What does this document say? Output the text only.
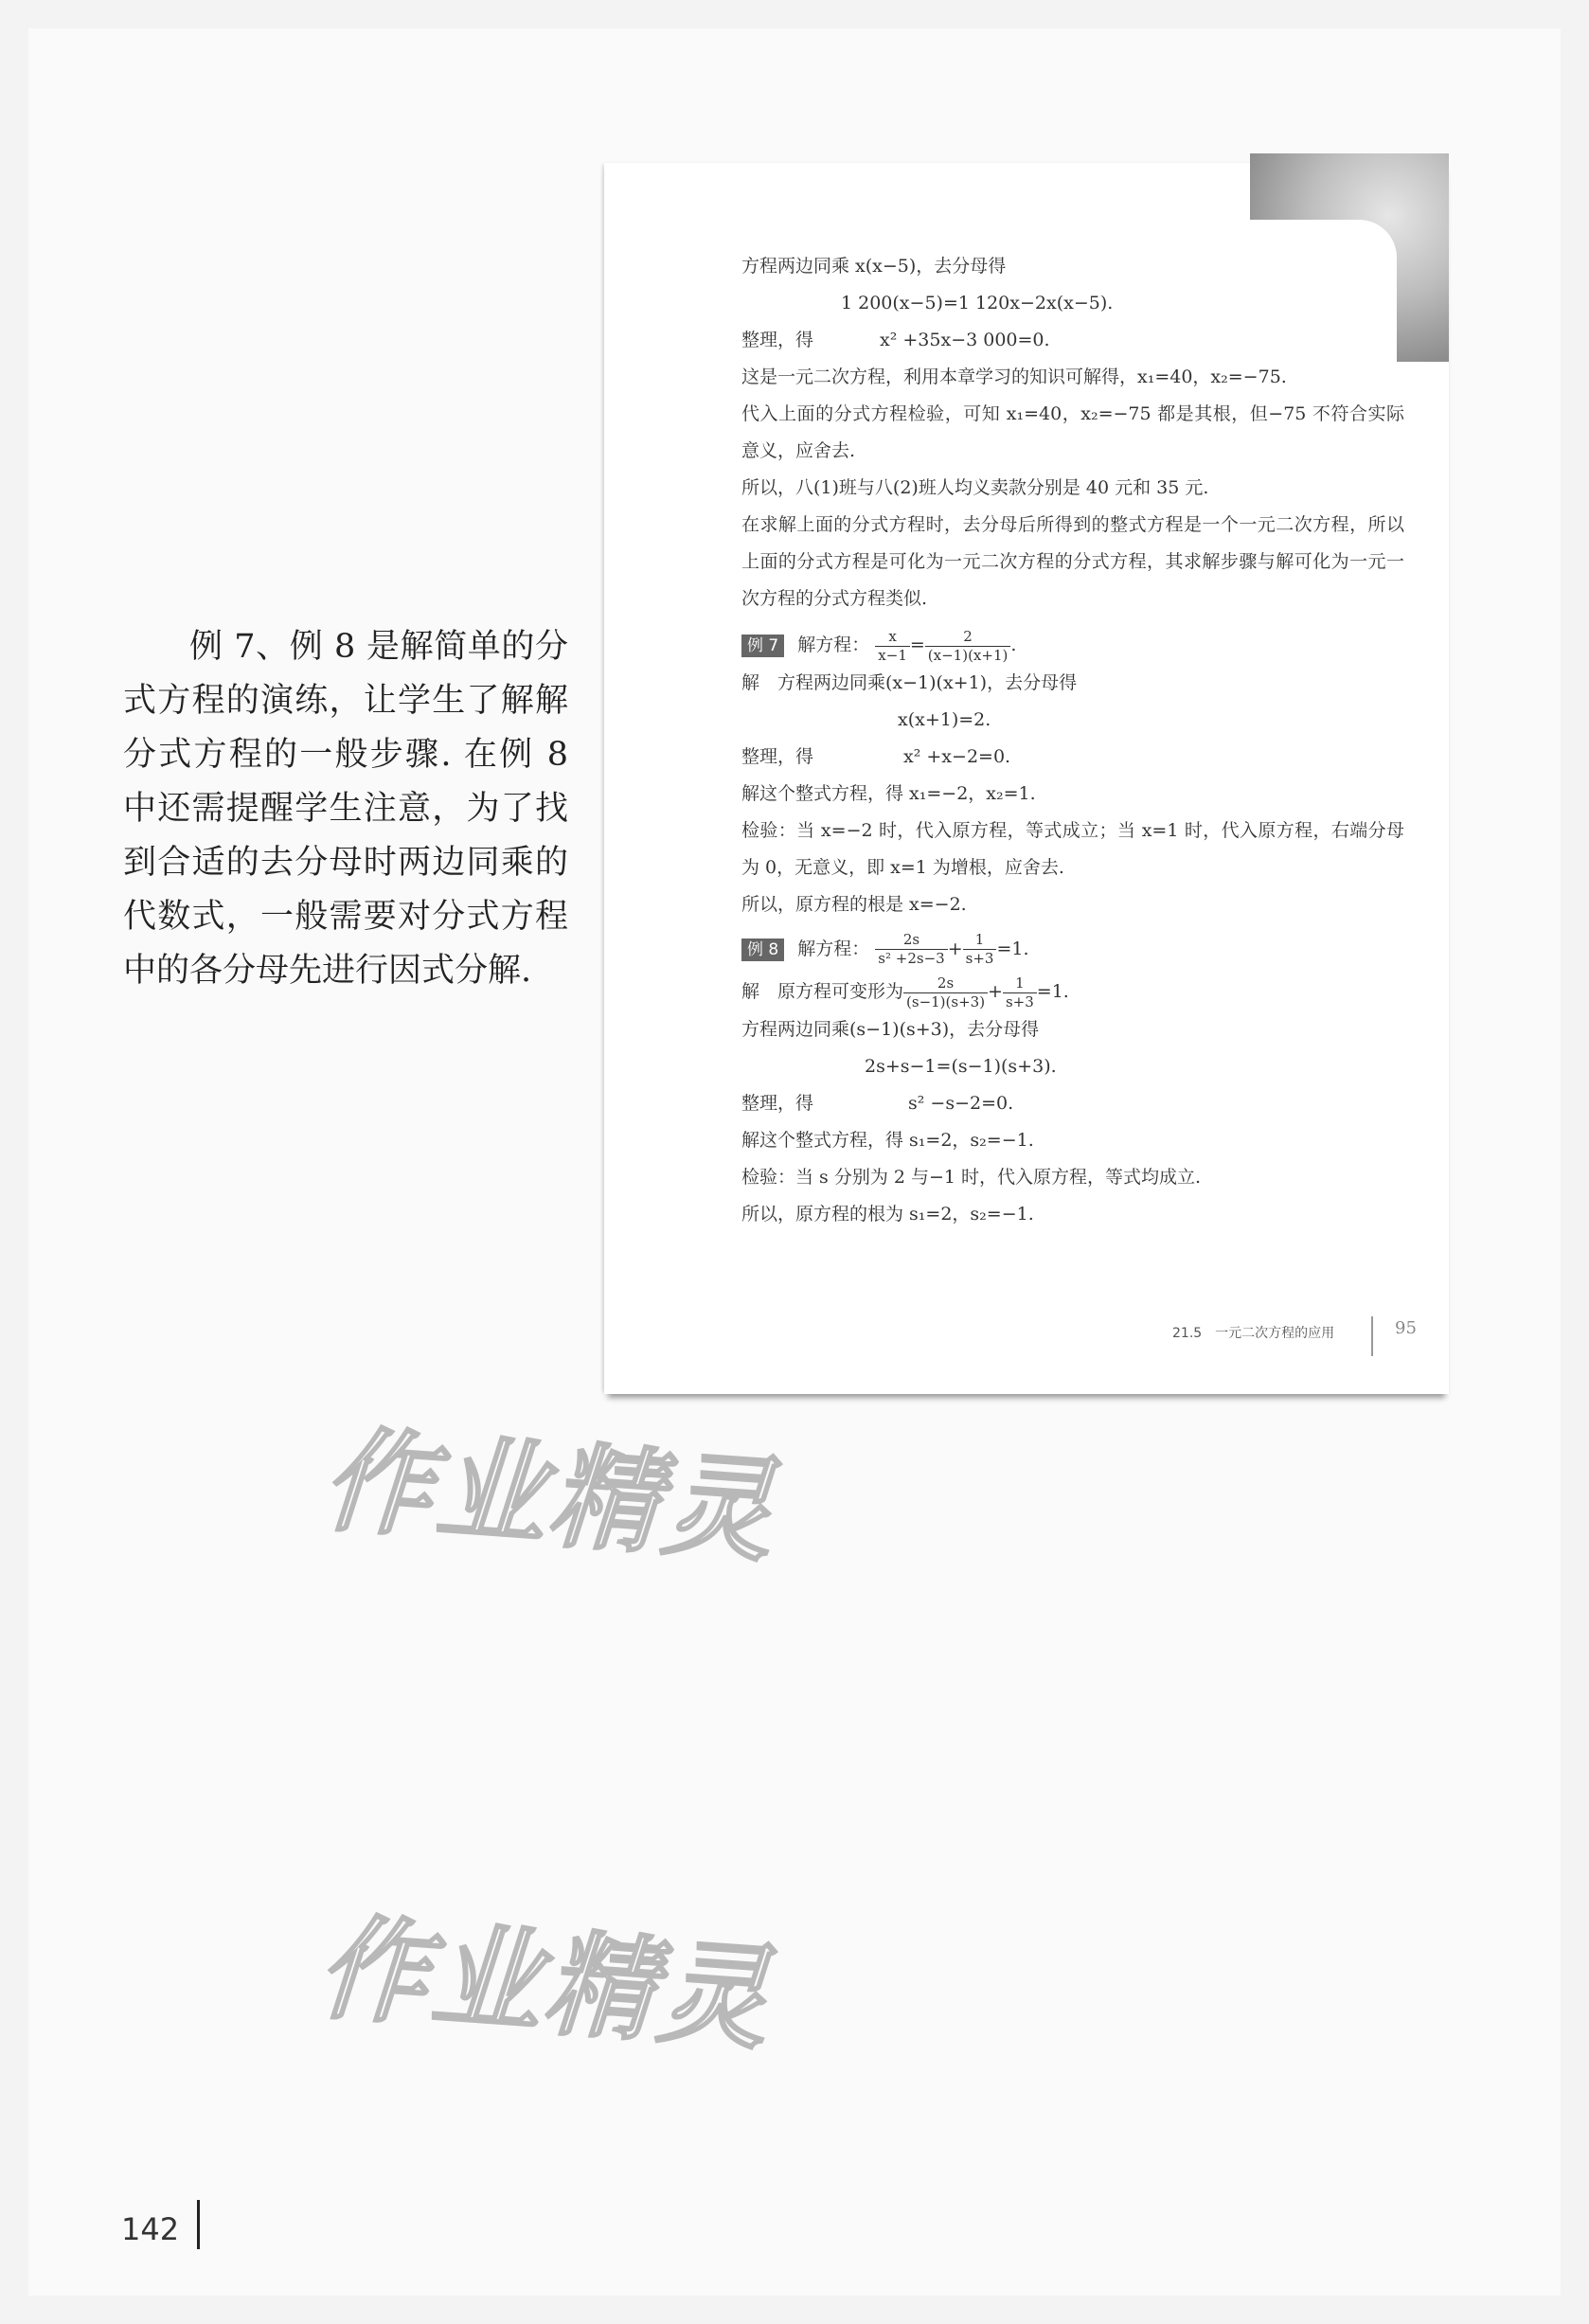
例 7、例 8 是解简单的分式方程的演练，让学生了解解分式方程的一般步骤. 在例 8 中还需提醒学生注意，为了找到合适的去分母时两边同乘的代数式，一般需要对分式方程中的各分母先进行因式分解.

方程两边同乘 x(x−5)，去分母得

1 200(x−5)=1 120x−2x(x−5).

整理，得	x² +35x−3 000=0.

这是一元二次方程，利用本章学习的知识可解得，x₁=40，x₂=−75.

代入上面的分式方程检验，可知 x₁=40，x₂=−75 都是其根，但−75 不符合实际意义，应舍去.

所以，八(1)班与八(2)班人均义卖款分别是 40 元和 35 元.

在求解上面的分式方程时，去分母后所得到的整式方程是一个一元二次方程，所以上面的分式方程是可化为一元二次方程的分式方程，其求解步骤与解可化为一元一次方程的分式方程类似.

例 7 解方程： $\frac{x}{x-1} = \frac{2}{(x-1)(x+1)}$ .

解　方程两边同乘(x−1)(x+1)，去分母得

x(x+1)=2.

整理，得	x² +x−2=0.

解这个整式方程，得 x₁=−2，x₂=1.

检验：当 x=−2 时，代入原方程，等式成立；当 x=1 时，代入原方程，右端分母为 0，无意义，即 x=1 为增根，应舍去.

所以，原方程的根是 x=−2.

例 8 解方程： $\frac{2s}{\text{s² +2s−3}} + \frac{1}{s+3} =1$.

解　原方程可变形为 $\frac{2s}{(s-1)(s+3)} + \frac{1}{s+3} =1$.

方程两边同乘(s−1)(s+3)，去分母得

2s+s−1=(s−1)(s+3).

整理，得	s² −s−2=0.

解这个整式方程，得 s₁=2，s₂=−1.

检验：当 s 分别为 2 与−1 时，代入原方程，等式均成立.

所以，原方程的根为 s₁=2，s₂=−1.

21.5　一元二次方程的应用	95
作业精灵
作业精灵
142
